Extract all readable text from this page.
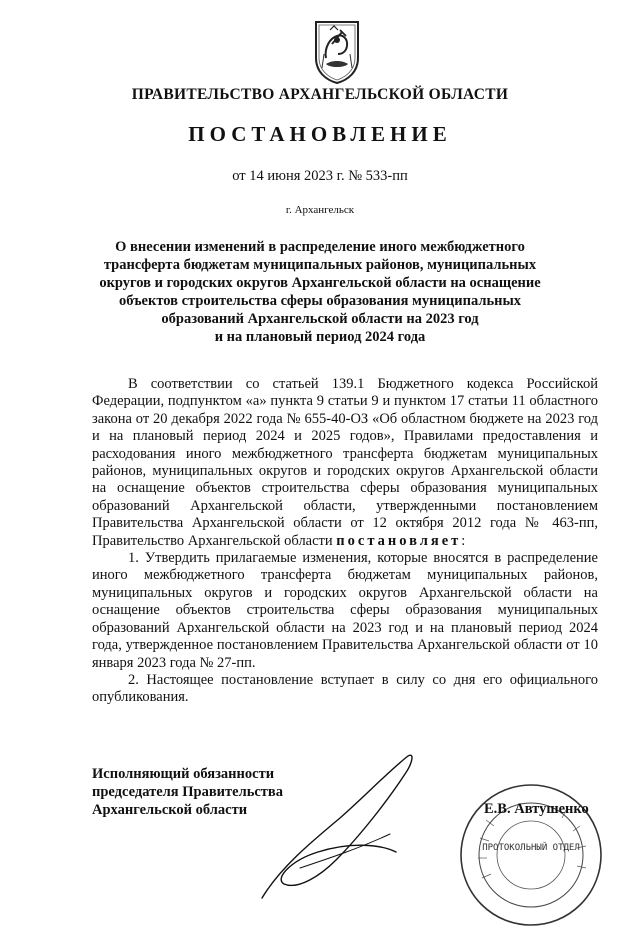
ПРАВИТЕЛЬСТВО АРХАНГЕЛЬСКОЙ ОБЛАСТИ
ПОСТАНОВЛЕНИЕ
от 14 июня 2023 г. № 533-пп
г. Архангельск
О внесении изменений в распределение иного межбюджетного
трансферта бюджетам муниципальных районов, муниципальных
округов и городских округов Архангельской области на оснащение
объектов строительства сферы образования муниципальных
образований Архангельской области на 2023 год
и на плановый период 2024 года

В соответствии со статьей 139.1 Бюджетного кодекса Российской Федерации, подпунктом «а» пункта 9 статьи 9 и пунктом 17 статьи 11 областного закона от 20 декабря 2022 года № 655-40-ОЗ «Об областном бюджете на 2023 год и на плановый период 2024 и 2025 годов», Правилами предоставления и расходования иного межбюджетного трансферта бюджетам муниципальных районов, муниципальных округов и городских округов Архангельской области на оснащение объектов строительства сферы образования муниципальных образований Архангельской области, утвержденными постановлением Правительства Архангельской области от 12 октября 2012 года № 463-пп, Правительство Архангельской области постановляет:

1. Утвердить прилагаемые изменения, которые вносятся в распределение иного межбюджетного трансферта бюджетам муниципальных районов, муниципальных округов и городских округов Архангельской области на оснащение объектов строительства сферы образования муниципальных образований Архангельской области на 2023 год и на плановый период 2024 года, утвержденное постановлением Правительства Архангельской области от 10 января 2023 года № 27-пп.

2. Настоящее постановление вступает в силу со дня его официального опубликования.

ПРОТОКОЛЬНЫЙ ОТДЕЛ
Исполняющий обязанности
председателя Правительства
Архангельской области	Е.В. Автушенко
